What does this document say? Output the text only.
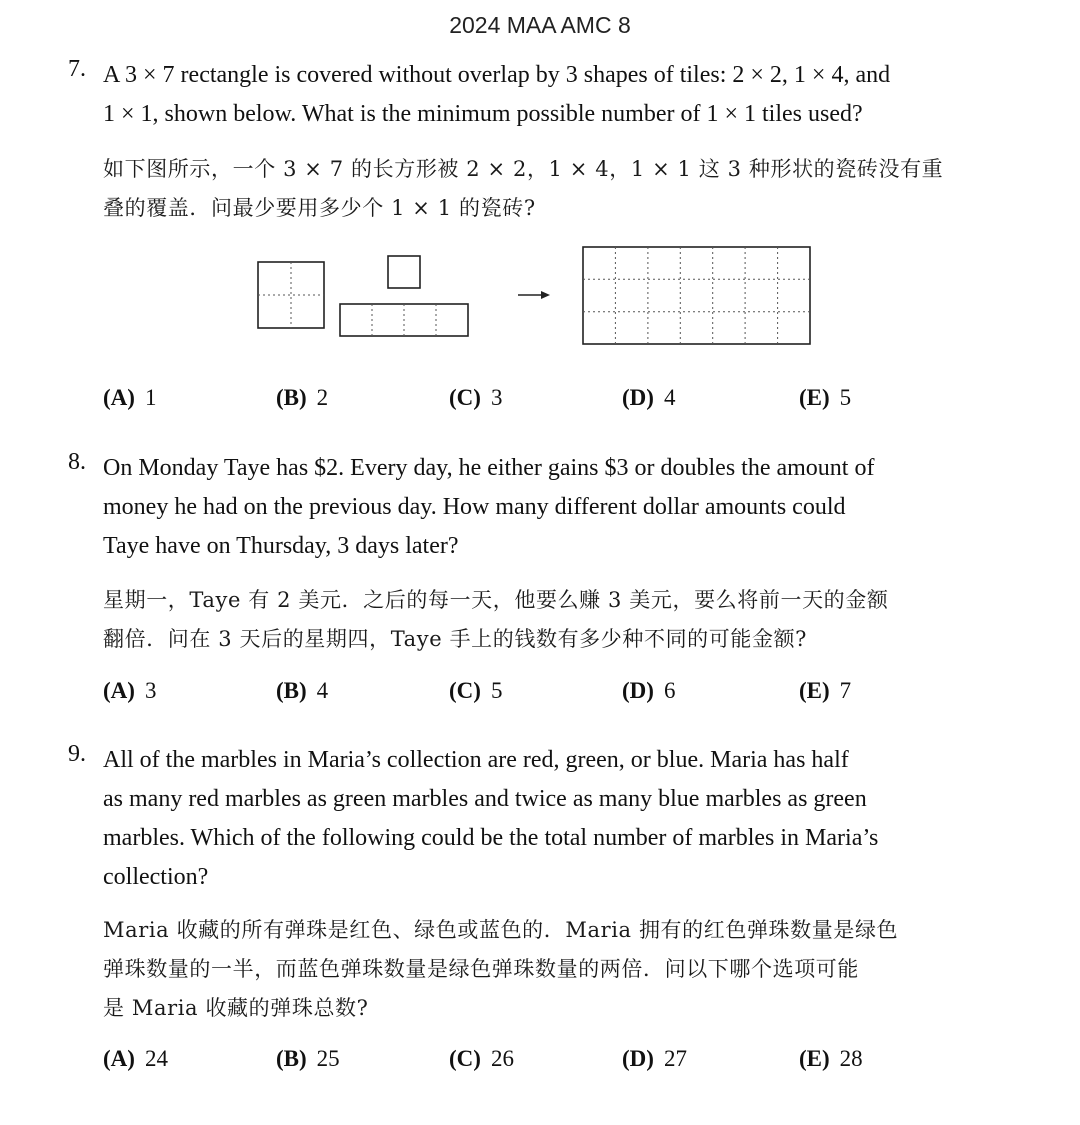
2024 MAA AMC 8
7. A 3 × 7 rectangle is covered without overlap by 3 shapes of tiles: 2 × 2, 1 × 4, and
1 × 1, shown below. What is the minimum possible number of 1 × 1 tiles used?
如下图所示，一个 3 × 7 的长方形被 2 × 2，1 × 4，1 × 1 这 3 种形状的瓷砖没有重
叠的覆盖．问最少要用多少个 1 × 1 的瓷砖?
(A) 1	(B) 2	(C) 3	(D) 4	(E) 5
8. On Monday Taye has $2. Every day, he either gains $3 or doubles the amount of
money he had on the previous day. How many different dollar amounts could
Taye have on Thursday, 3 days later?
星期一，Taye 有 2 美元．之后的每一天，他要么赚 3 美元，要么将前一天的金额
翻倍．问在 3 天后的星期四，Taye 手上的钱数有多少种不同的可能金额?
(A) 3	(B) 4	(C) 5	(D) 6	(E) 7
9. All of the marbles in Maria’s collection are red, green, or blue. Maria has half
as many red marbles as green marbles and twice as many blue marbles as green
marbles. Which of the following could be the total number of marbles in Maria’s
collection?
Maria 收藏的所有弹珠是红色、绿色或蓝色的．Maria 拥有的红色弹珠数量是绿色
弹珠数量的一半，而蓝色弹珠数量是绿色弹珠数量的两倍．问以下哪个选项可能
是 Maria 收藏的弹珠总数?
(A) 24	(B) 25	(C) 26	(D) 27	(E) 28
